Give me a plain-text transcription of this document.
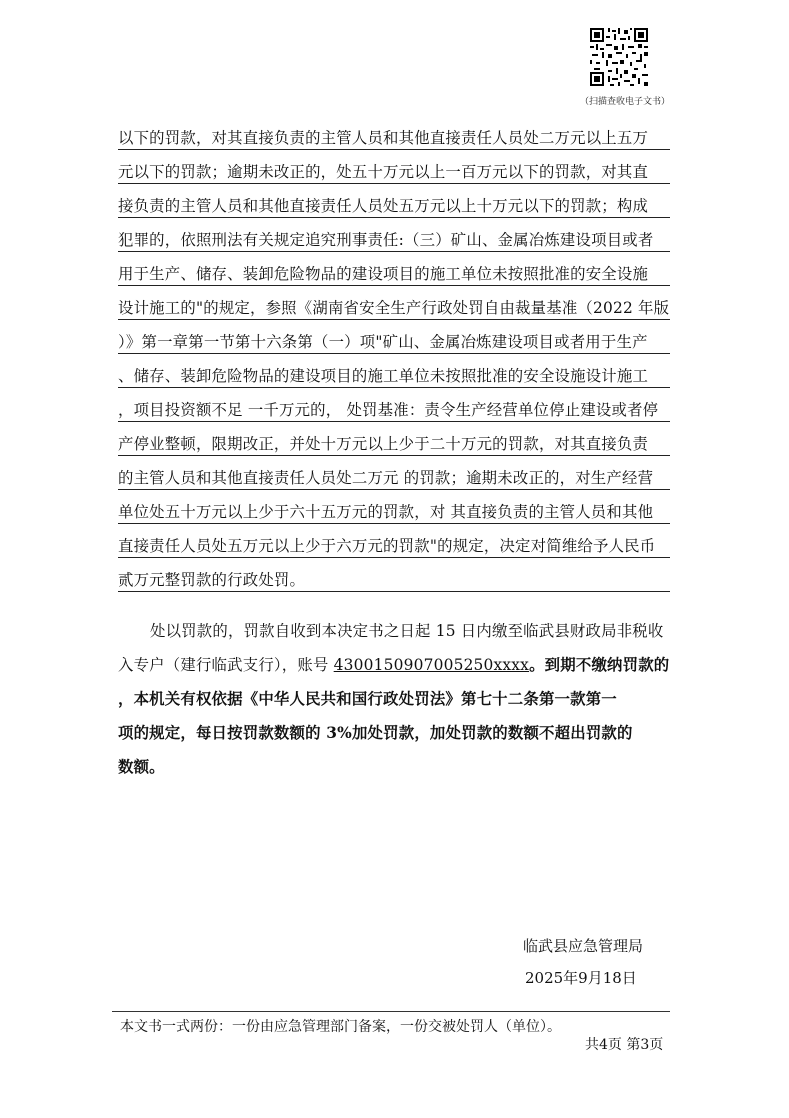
（扫描查收电子文书）
以下的罚款，对其直接负责的主管人员和其他直接责任人员处二万元以上五万
元以下的罚款；逾期未改正的，处五十万元以上一百万元以下的罚款，对其直
接负责的主管人员和其他直接责任人员处五万元以上十万元以下的罚款；构成
犯罪的，依照刑法有关规定追究刑事责任:（三）矿山、金属冶炼建设项目或者
用于生产、储存、装卸危险物品的建设项目的施工单位未按照批准的安全设施
设计施工的"的规定，参照《湖南省安全生产行政处罚自由裁量基准（2022 年版
）》第一章第一节第十六条第（一）项"矿山、金属冶炼建设项目或者用于生产
、储存、装卸危险物品的建设项目的施工单位未按照批准的安全设施设计施工
，项目投资额不足 一千万元的， 处罚基准：责令生产经营单位停止建设或者停
产停业整顿，限期改正，并处十万元以上少于二十万元的罚款，对其直接负责
的主管人员和其他直接责任人员处二万元 的罚款；逾期未改正的，对生产经营
单位处五十万元以上少于六十五万元的罚款，对 其直接负责的主管人员和其他
直接责任人员处五万元以上少于六万元的罚款"的规定，决定对简维给予人民币
贰万元整罚款的行政处罚。
处以罚款的，罚款自收到本决定书之日起 15 日内缴至临武县财政局非税收
入专户（建行临武支行），账号 4300150907005250xxxx。到期不缴纳罚款的
，本机关有权依据《中华人民共和国行政处罚法》第七十二条第一款第一
项的规定，每日按罚款数额的 3%加处罚款，加处罚款的数额不超出罚款的
数额。
临武县应急管理局
2025年9月18日
本文书一式两份：一份由应急管理部门备案，一份交被处罚人（单位）。
共4页 第3页
